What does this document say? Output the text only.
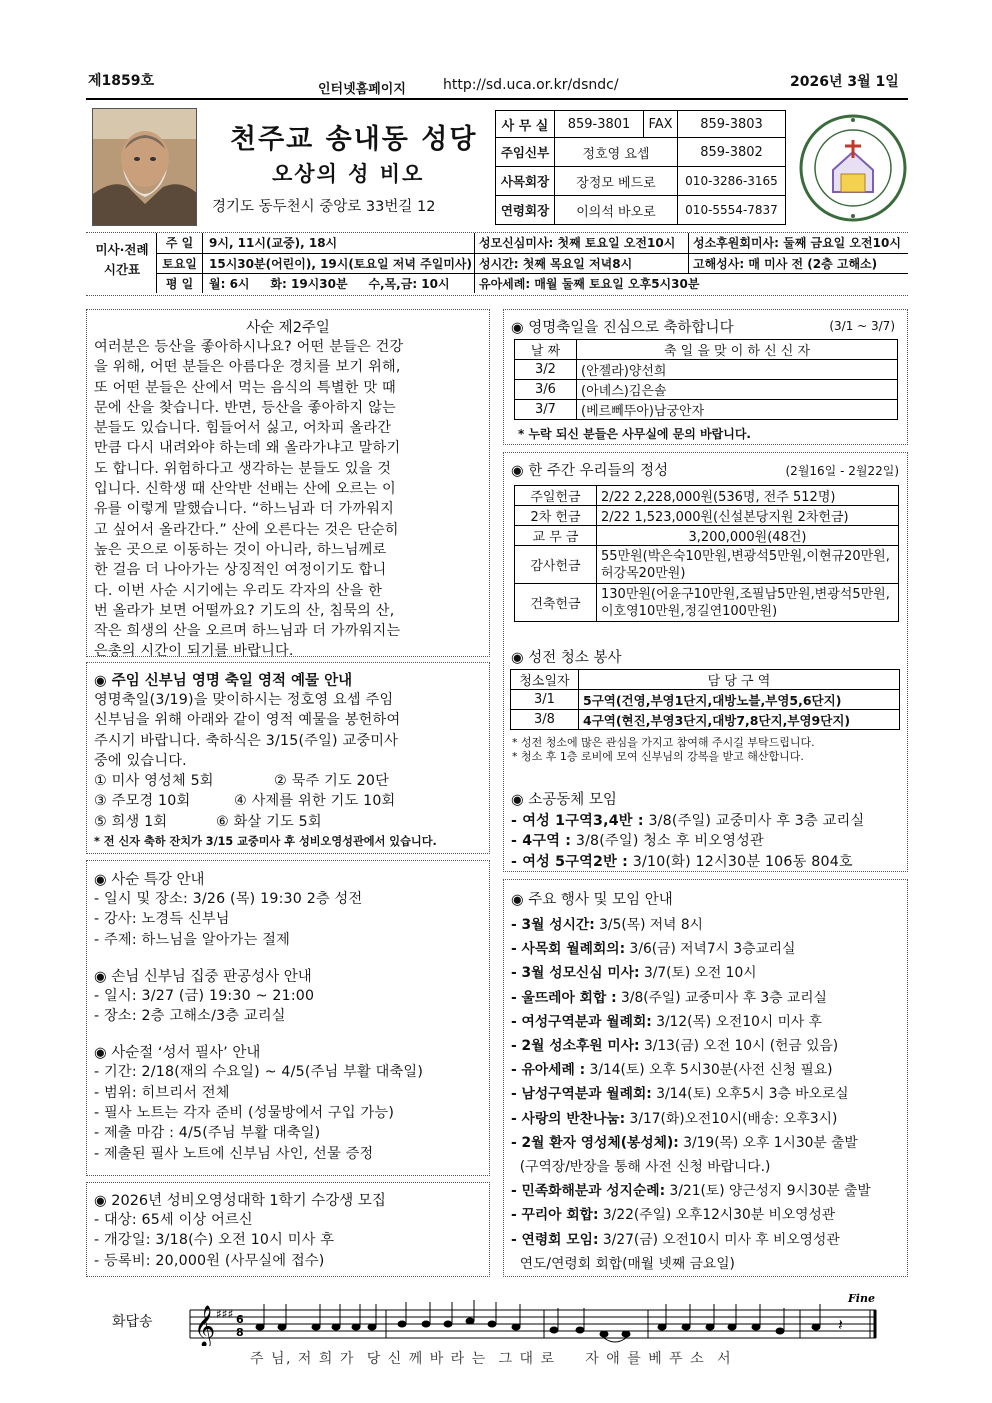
제1859호
인터넷홈페이지	http://sd.uca.or.kr/dsndc/	2026년 3월 1일
천주교 송내동 성당
오상의 성 비오
경기도 동두천시 중앙로 33번길 12
사 무 실	859-3801	FAX	859-3803
주임신부	정호영 요셉		859-3802
사목회장	장정모 베드로		010-3286-3165
연령회장	이의석 바오로		010-5554-7837
미사·전례 시간표
주 일	9시, 11시(교중), 18시	성모신심미사: 첫째 토요일 오전10시	성소후원회미사: 둘째 금요일 오전10시
토요일	15시30분(어린이), 19시(토요일 저녁 주일미사)	성시간: 첫째 목요일 저녁8시	고해성사: 매 미사 전 (2층 고해소)
평 일	월: 6시     화: 19시30분     수,목,금: 10시	유아세례: 매월 둘째 토요일 오후5시30분	
사순 제2주일
여러분은 등산을 좋아하시나요? 어떤 분들은 건강
을 위해, 어떤 분들은 아름다운 경치를 보기 위해,
또 어떤 분들은 산에서 먹는 음식의 특별한 맛 때
문에 산을 찾습니다. 반면, 등산을 좋아하지 않는
분들도 있습니다. 힘들어서 싫고, 어차피 올라간
만큼 다시 내려와야 하는데 왜 올라가냐고 말하기
도 합니다. 위험하다고 생각하는 분들도 있을 것
입니다. 신학생 때 산악반 선배는 산에 오르는 이
유를 이렇게 말했습니다. “하느님과 더 가까워지
고 싶어서 올라간다.” 산에 오른다는 것은 단순히
높은 곳으로 이동하는 것이 아니라, 하느님께로
한 걸음 더 나아가는 상징적인 여정이기도 합니
다. 이번 사순 시기에는 우리도 각자의 산을 한
번 올라가 보면 어떨까요? 기도의 산, 침묵의 산,
작은 희생의 산을 오르며 하느님과 더 가까워지는
은총의 시간이 되기를 바랍니다.
◉ 주임 신부님 영명 축일 영적 예물 안내
영명축일(3/19)을 맞이하시는 정호영 요셉 주임
신부님을 위해 아래와 같이 영적 예물을 봉헌하여
주시기 바랍니다. 축하식은 3/15(주일) 교중미사
중에 있습니다.
① 미사 영성체 5회	② 묵주 기도 20단
③ 주모경 10회	④ 사제를 위한 기도 10회
⑤ 희생 1회	⑥ 화살 기도 5회
* 전 신자 축하 잔치가 3/15 교중미사 후 성비오영성관에서 있습니다.
◉ 사순 특강 안내
- 일시 및 장소: 3/26 (목) 19:30 2층 성전
- 강사: 노경득 신부님
- 주제: 하느님을 알아가는 절제
◉ 손님 신부님 집중 판공성사 안내
- 일시: 3/27 (금) 19:30 ~ 21:00
- 장소: 2층 고해소/3층 교리실
◉ 사순절 ‘성서 필사’ 안내
- 기간: 2/18(재의 수요일) ~ 4/5(주님 부활 대축일)
- 범위: 히브리서 전체
- 필사 노트는 각자 준비 (성물방에서 구입 가능)
- 제출 마감 : 4/5(주님 부활 대축일)
- 제출된 필사 노트에 신부님 사인, 선물 증정
◉ 2026년 성비오영성대학 1학기 수강생 모집
- 대상: 65세 이상 어르신
- 개강일: 3/18(수) 오전 10시 미사 후
- 등록비: 20,000원 (사무실에 접수)
◉ 영명축일을 진심으로 축하합니다	(3/1 ~ 3/7)
날 짜	축 일 을 맞 이 하 신 신 자
3/2	(안젤라)양선희
3/6	(아녜스)김은솔
3/7	(베르뻬뚜아)남궁안자
* 누락 되신 분들은 사무실에 문의 바랍니다.
◉ 한 주간 우리들의 정성	(2월16일 - 2월22일)
주일헌금	2/22 2,228,000원(536명, 전주 512명)
2차 헌금	2/22 1,523,000원(신설본당지원 2차헌금)
교 무 금	3,200,000원(48건)
감사헌금	55만원(박은숙10만원,변광석5만원,이현규20만원,허강목20만원)
건축헌금	130만원(어윤구10만원,조필남5만원,변광석5만원,이호영10만원,정길연100만원)
◉ 성전 청소 봉사
청소일자	담 당 구 역
3/1	5구역(건영,부영1단지,대방노블,부영5,6단지)
3/8	4구역(현진,부영3단지,대방7,8단지,부영9단지)
* 성전 청소에 많은 관심을 가지고 참여해 주시길 부탁드립니다.
* 청소 후 1층 로비에 모여 신부님의 강복을 받고 해산합니다.
◉ 소공동체 모임
- 여성 1구역3,4반 : 3/8(주일) 교중미사 후 3층 교리실
- 4구역 : 3/8(주일) 청소 후 비오영성관
- 여성 5구역2반 : 3/10(화) 12시30분 106동 804호
◉ 주요 행사 및 모임 안내
- 3월 성시간: 3/5(목) 저녁 8시
- 사목회 월례회의: 3/6(금) 저녁7시 3층교리실
- 3월 성모신심 미사: 3/7(토) 오전 10시
- 울뜨레아 회합 : 3/8(주일) 교중미사 후 3층 교리실
- 여성구역분과 월례회: 3/12(목) 오전10시 미사 후
- 2월 성소후원 미사: 3/13(금) 오전 10시 (헌금 있음)
- 유아세례 : 3/14(토) 오후 5시30분(사전 신청 필요)
- 남성구역분과 월례회: 3/14(토) 오후5시 3층 바오로실
- 사랑의 반찬나눔: 3/17(화)오전10시(배송: 오후3시)
- 2월 환자 영성체(봉성체): 3/19(목) 오후 1시30분 출발
(구역장/반장을 통해 사전 신청 바랍니다.)
- 민족화해분과 성지순례: 3/21(토) 양근성지 9시30분 출발
- 꾸리아 회합: 3/22(주일) 오후12시30분 비오영성관
- 연령회 모임: 3/27(금) 오전10시 미사 후 비오영성관
연도/연령회 회합(매월 넷째 금요일)
화답송 𝄞 ♯♯♯ 6
8	𝄽
Fine
주 님, 저 희 가  당 신 께 바 라 는  그 대 로     자 애 를 베 푸 소  서
